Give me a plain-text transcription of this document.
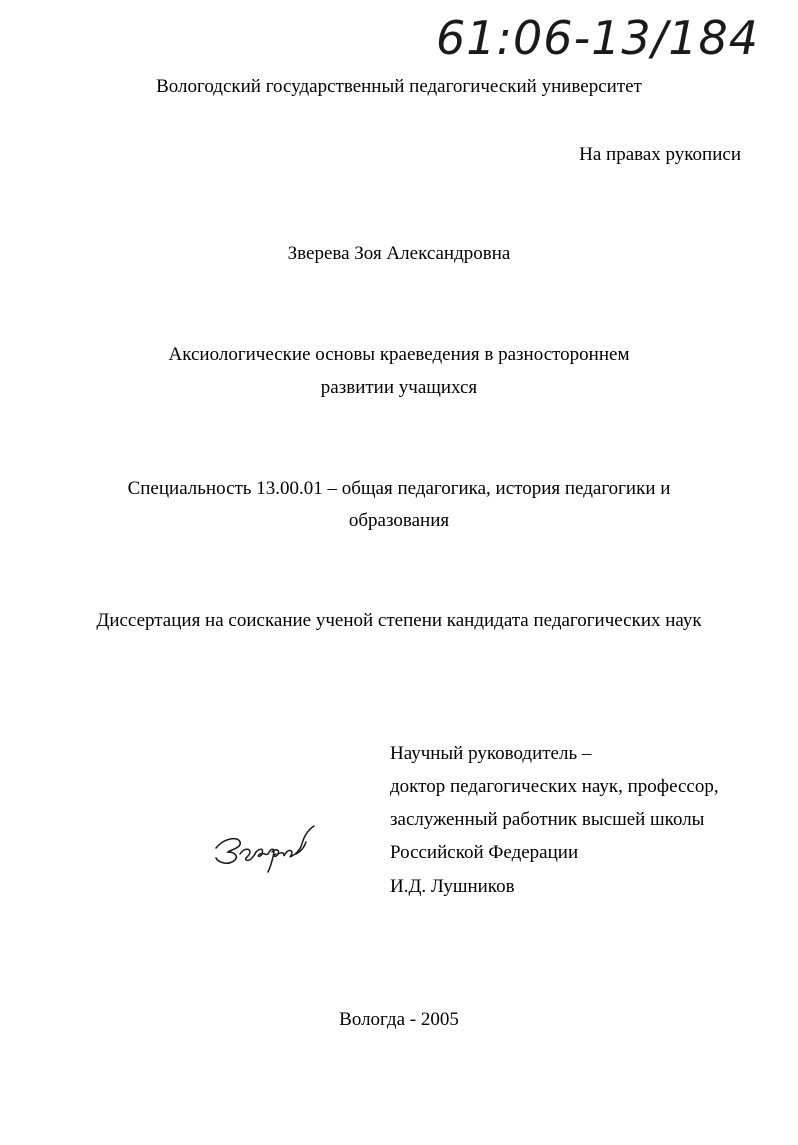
61:06-13/184

Вологодский государственный педагогический университет

На правах рукописи

Зверева Зоя Александровна

Аксиологические основы краеведения в разностороннем

развитии учащихся

Специальность 13.00.01 – общая педагогика, история педагогики и

образования

Диссертация на соискание ученой степени кандидата педагогических наук

Научный руководитель –

доктор педагогических наук, профессор,

заслуженный работник высшей школы

Российской Федерации

И.Д. Лушников

Вологда - 2005
